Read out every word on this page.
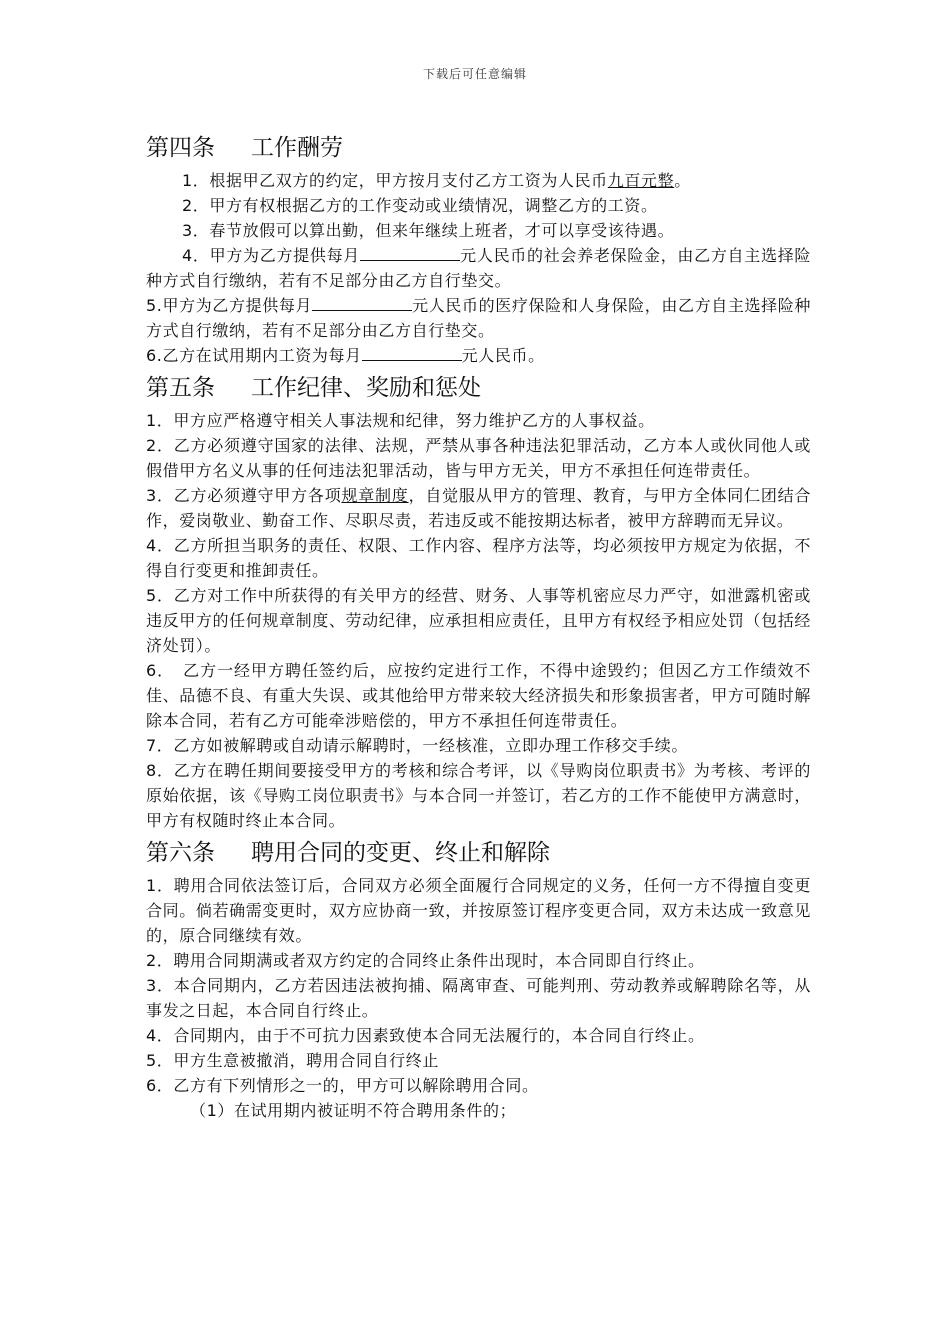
下载后可任意编辑
第四条 工作酬劳

1．根据甲乙双方的约定，甲方按月支付乙方工资为人民币九百元整。

2．甲方有权根据乙方的工作变动或业绩情况，调整乙方的工资。

3．春节放假可以算出勤，但来年继续上班者，才可以享受该待遇。

4．甲方为乙方提供每月	元人民币的社会养老保险金，由乙方自主选择险种方式自行缴纳，若有不足部分由乙方自行垫交。

5.甲方为乙方提供每月	元人民币的医疗保险和人身保险，由乙方自主选择险种方式自行缴纳，若有不足部分由乙方自行垫交。

6.乙方在试用期内工资为每月	元人民币。

第五条 工作纪律、奖励和惩处

1．甲方应严格遵守相关人事法规和纪律，努力维护乙方的人事权益。

2．乙方必须遵守国家的法律、法规，严禁从事各种违法犯罪活动，乙方本人或伙同他人或假借甲方名义从事的任何违法犯罪活动，皆与甲方无关，甲方不承担任何连带责任。

3．乙方必须遵守甲方各项规章制度，自觉服从甲方的管理、教育，与甲方全体同仁团结合作，爱岗敬业、勤奋工作、尽职尽责，若违反或不能按期达标者，被甲方辞聘而无异议。

4．乙方所担当职务的责任、权限、工作内容、程序方法等，均必须按甲方规定为依据，不得自行变更和推卸责任。

5．乙方对工作中所获得的有关甲方的经营、财务、人事等机密应尽力严守，如泄露机密或违反甲方的任何规章制度、劳动纪律，应承担相应责任，且甲方有权经予相应处罚（包括经济处罚）。

6．　乙方一经甲方聘任签约后，应按约定进行工作，不得中途毁约；但因乙方工作绩效不佳、品德不良、有重大失误、或其他给甲方带来较大经济损失和形象损害者，甲方可随时解除本合同，若有乙方可能牵涉赔偿的，甲方不承担任何连带责任。

7．乙方如被解聘或自动请示解聘时，一经核准，立即办理工作移交手续。

8．乙方在聘任期间要接受甲方的考核和综合考评，以《导购岗位职责书》为考核、考评的原始依据，该《导购工岗位职责书》与本合同一并签订，若乙方的工作不能使甲方满意时，甲方有权随时终止本合同。

第六条 聘用合同的变更、终止和解除

1．聘用合同依法签订后，合同双方必须全面履行合同规定的义务，任何一方不得擅自变更合同。倘若确需变更时，双方应协商一致，并按原签订程序变更合同，双方未达成一致意见的，原合同继续有效。

2．聘用合同期满或者双方约定的合同终止条件出现时，本合同即自行终止。

3．本合同期内，乙方若因违法被拘捕、隔离审查、可能判刑、劳动教养或解聘除名等，从事发之日起，本合同自行终止。

4．合同期内，由于不可抗力因素致使本合同无法履行的，本合同自行终止。

5．甲方生意被撤消，聘用合同自行终止

6．乙方有下列情形之一的，甲方可以解除聘用合同。

（1）在试用期内被证明不符合聘用条件的；
